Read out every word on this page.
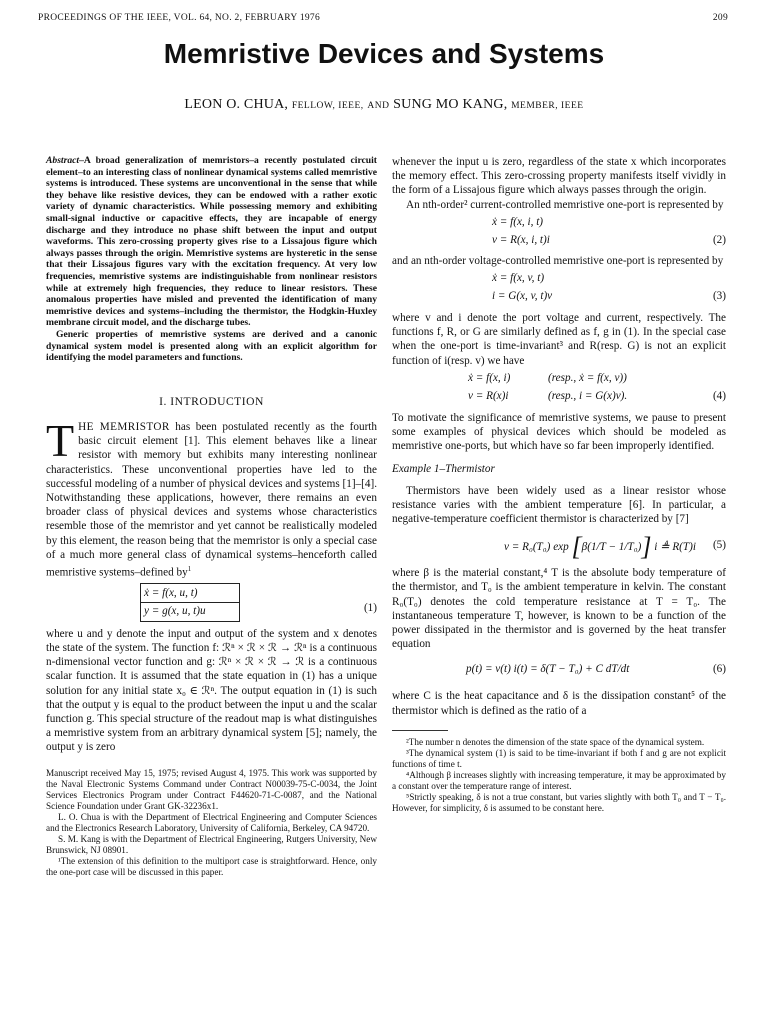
PROCEEDINGS OF THE IEEE, VOL. 64, NO. 2, FEBRUARY 1976	209
Memristive Devices and Systems
LEON O. CHUA, FELLOW, IEEE, AND SUNG MO KANG, MEMBER, IEEE

Abstract–A broad generalization of memristors–a recently postulated circuit element–to an interesting class of nonlinear dynamical systems called memristive systems is introduced. These systems are unconventional in the sense that while they behave like resistive devices, they can be endowed with a rather exotic variety of dynamic characteristics. While possessing memory and exhibiting small-signal inductive or capacitive effects, they are incapable of energy discharge and they introduce no phase shift between the input and output waveforms. This zero-crossing property gives rise to a Lissajous figure which always passes through the origin. Memristive systems are hysteretic in the sense that their Lissajous figures vary with the excitation frequency. At very low frequencies, memristive systems are indistinguishable from nonlinear resistors while at extremely high frequencies, they reduce to linear resistors. These anomalous properties have misled and prevented the identification of many memristive devices and systems–including the thermistor, the Hodgkin-Huxley membrane circuit model, and the discharge tubes.

Generic properties of memristive systems are derived and a canonic dynamical system model is presented along with an explicit algorithm for identifying the model parameters and functions.

I. INTRODUCTION

THE MEMRISTOR has been postulated recently as the fourth basic circuit element [1]. This element behaves like a linear resistor with memory but exhibits many interesting nonlinear characteristics. These unconventional properties have led to the successful modeling of a number of physical devices and systems [1]–[4]. Notwithstanding these applications, however, there remains an even broader class of physical devices and systems whose characteristics resemble those of the memristor and yet cannot be realistically modeled by this element, the reason being that the memristor is only a special case of a much more general class of dynamical systems–henceforth called memristive systems–defined $by^1$

ẋ = f(x, u, t)
y = g(x, u, t)u	(1)

where u and y denote the input and output of the system and x denotes the state of the system. The function f: ℛⁿ × ℛ × ℛ → ℛⁿ is a continuous n-dimensional vector function and g: ℛⁿ × ℛ × ℛ → ℛ is a continuous scalar function. It is assumed that the state equation in (1) has a unique solution for any initial state x₀ ∈ ℛⁿ. The output equation in (1) is such that the output y is equal to the product between the input u and the scalar function g. This special structure of the readout map is what distinguishes a memristive system from an arbitrary dynamical system [5]; namely, the output y is zero

Manuscript received May 15, 1975; revised August 4, 1975. This work was supported by the Naval Electronic Systems Command under Contract N00039-75-C-0034, the Joint Services Electronics Program under Contract F44620-71-C-0087, and the National Science Foundation under Grant GK-32236x1.

L. O. Chua is with the Department of Electrical Engineering and Computer Sciences and the Electronics Research Laboratory, University of California, Berkeley, CA 94720.

S. M. Kang is with the Department of Electrical Engineering, Rutgers University, New Brunswick, NJ 08901.

¹The extension of this definition to the multiport case is straightforward. Hence, only the one-port case will be discussed in this paper.

whenever the input u is zero, regardless of the state x which incorporates the memory effect. This zero-crossing property manifests itself vividly in the form of a Lissajous figure which always passes through the origin.

An nth-order² current-controlled memristive one-port is represented by

ẋ = f(x, i, t)
v = R(x, i, t)i	(2)

and an nth-order voltage-controlled memristive one-port is represented by

ẋ = f(x, v, t)
i = G(x, v, t)v	(3)

where v and i denote the port voltage and current, respectively. The functions f, R, or G are similarly defined as f, g in (1). In the special case when the one-port is time-invariant³ and R(resp. G) is not an explicit function of i(resp. v) we have

ẋ = f(x, i)	(resp., ẋ = f(x, v))
v = R(x)i	(resp., i = G(x)v).	(4)

To motivate the significance of memristive systems, we pause to present some examples of physical devices which should be modeled as memristive one-ports, but which have so far been improperly identified.

Example 1–Thermistor

Thermistors have been widely used as a linear resistor whose resistance varies with the ambient temperature [6]. In particular, a negative-temperature coefficient thermistor is characterized by [7]

v = R₀(T₀) exp [β(1/T − 1/T₀)] i ≜ R(T)i (5)

where β is the material constant,⁴ T is the absolute body temperature of the thermistor, and T₀ is the ambient temperature in kelvin. The constant R₀(T₀) denotes the cold temperature resistance at T = T₀. The instantaneous temperature T, however, is known to be a function of the power dissipated in the thermistor and is governed by the heat transfer equation

p(t) = v(t) i(t) = δ(T − T₀) + C dT/dt	(6)

where C is the heat capacitance and δ is the dissipation constant⁵ of the thermistor which is defined as the ratio of a

²The number n denotes the dimension of the state space of the dynamical system.

³The dynamical system (1) is said to be time-invariant if both f and g are not explicit functions of time t.

⁴Although β increases slightly with increasing temperature, it may be approximated by a constant over the temperature range of interest.

⁵Strictly speaking, δ is not a true constant, but varies slightly with both T₀ and T − T₀. However, for simplicity, δ is assumed to be constant here.
